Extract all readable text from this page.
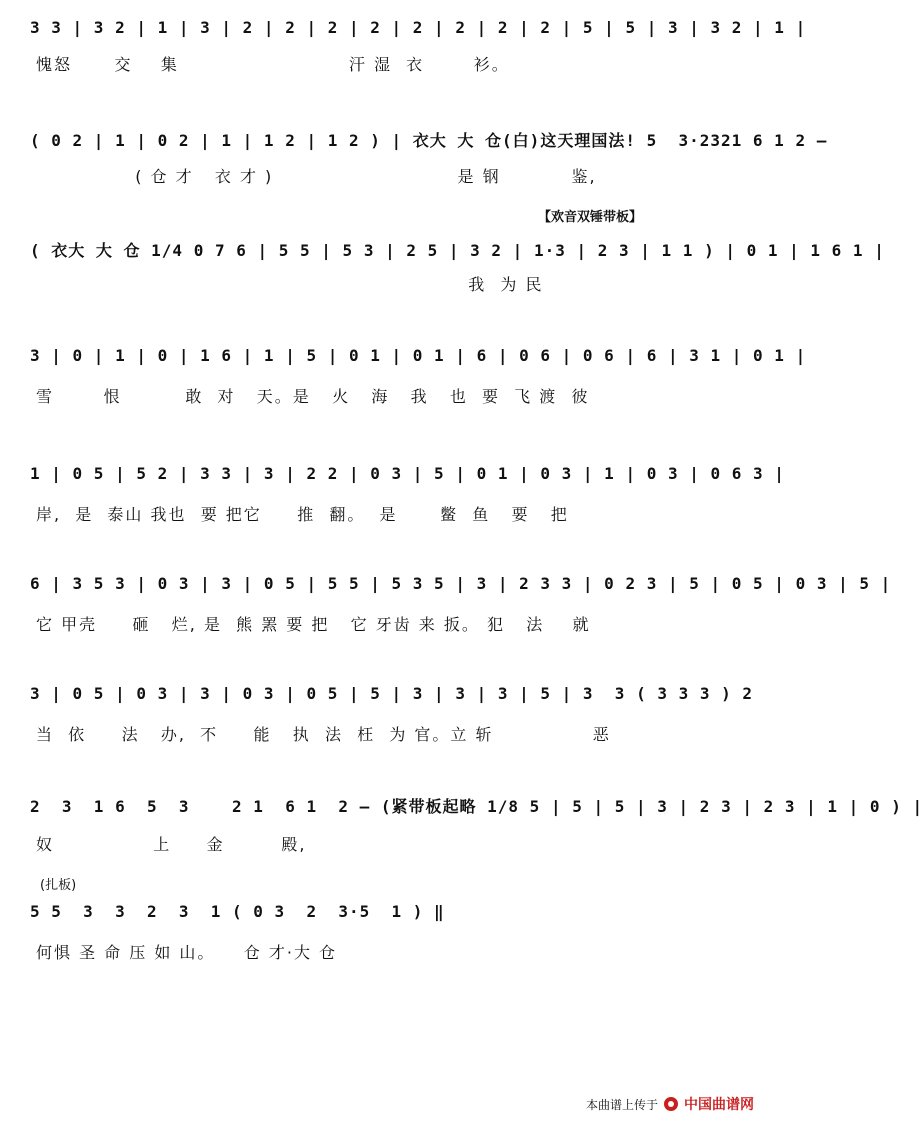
3 3 | 3 2 | 1 | 3 | 2 | 2 | 2 | 2 | 2 | 2 | 2 | 2 | 5 | 5 | 3 | 3 2 | 1 |
愧怒      交    集                        汗 湿  衣       衫。
( 0 2 | 1 | 0 2 | 1 | 1 2 | 1 2 ) | 衣大 大 仓(白)这天理国法! 5  3·2321 6 1 2 –
( 仓 才   衣 才 )                          是 钢          鉴,
【欢音双锤带板】
( 衣大 大 仓 1/4 0 7 6 | 5 5 | 5 3 | 2 5 | 3 2 | 1·3 | 2 3 | 1 1 ) | 0 1 | 1 6 1 |
我  为 民
3 | 0 | 1 | 0 | 1 6 | 1 | 5 | 0 1 | 0 1 | 6 | 0 6 | 0 6 | 6 | 3 1 | 0 1 |
雪       恨         敢  对   天。是   火   海   我   也  要  飞 渡  彼
1 | 0 5 | 5 2 | 3 3 | 3 | 2 2 | 0 3 | 5 | 0 1 | 0 3 | 1 | 0 3 | 0 6 3 |
岸,  是  泰山 我也  要 把它     推  翻。  是      鳖  鱼   要   把
6 | 3 5 3 | 0 3 | 3 | 0 5 | 5 5 | 5 3 5 | 3 | 2 3 3 | 0 2 3 | 5 | 0 5 | 0 3 | 5 |
它 甲壳     砸   烂, 是  熊 罴 要 把   它 牙齿 来 扳。 犯   法    就
3 | 0 5 | 0 3 | 3 | 0 3 | 0 5 | 5 | 3 | 3 | 3 | 5 | 3  3 ( 3 3 3 ) 2
当  依     法   办,  不     能   执  法  枉  为 官。立 斩              恶
2  3  1 6  5  3    2 1  6 1  2 – (紧带板起略 1/8 5 | 5 | 5 | 3 | 2 3 | 2 3 | 1 | 0 ) |
奴              上     金        殿,
(扎板)
5 5  3  3  2  3  1 ( 0 3  2  3·5  1 ) ‖
何惧 圣 命 压 如 山。    仓 才·大 仓
本曲谱上传于 中国曲谱网
